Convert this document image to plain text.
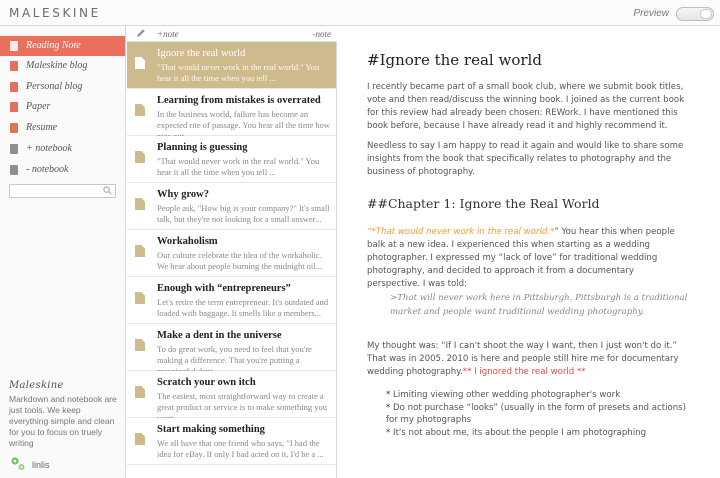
MALESKINE	Preview
Reading Note
Maleskine blog
Personal blog
Paper
Resume
+ notebook
- notebook
Maleskine
Markdown and notebook are just tools. We keep everything simple and clean for you to focus on truely writing
linlis
+note	-note
Ignore the real world
"That would never work in the real world." You hear it all the time when you tell ...
Learning from mistakes is overrated
In the business world, failure has become an expected rite of passage. You hear all the time how
Planning is guessing
"That would never work in the real world." You hear it all the time when you tell ...
Why grow?
People ask, "How big is your company?" It's small talk, but they're not looking for a small answer...
Workaholism
Our culture celebrate the idea of the workaholic. We hear about people burning the midnight oil...
Enough with “entrepreneurs”
Let's retire the term entrepreneur. It's outdated and loaded with baggage. It smells like a members...
Make a dent in the universe
To do great work, you need to feel that you're making a difference. That you're putting a
Scratch your own itch
The easiest, most straightforward way to create a great product or service is to make something you
Start making something
We all have that one friend who says, "I had the idea for eBay. If only I had acted on it, I'd be a ...
#Ignore the real world
I recently became part of a small book club, where we submit book titles, vote and then read/discuss the winning book. I joined as the current book for this review had already been chosen: REWork. I have mentioned this book before, because I have already read it and highly recommend it.
Needless to say I am happy to read it again and would like to share some insights from the book that specifically relates to photography and the business of photography.
##Chapter 1: Ignore the Real World
“*That would never work in the real world.*” You hear this when people balk at a new idea. I experienced this when starting as a wedding photographer. I expressed my “lack of love” for traditional wedding photography, and decided to approach it from a documentary perspective. I was told:
>That will never work here in Pittsburgh. Pittsburgh is a traditional market and people want traditional wedding photography.
My thought was: “If I can't shoot the way I want, then I just won't do it.” That was in 2005. 2010 is here and people still hire me for documentary wedding photography.** I ignored the real world **
* Limiting viewing other wedding photographer's work
* Do not purchase “looks” (usually in the form of presets and actions) for my photographs
* It's not about me, its about the people I am photographing
